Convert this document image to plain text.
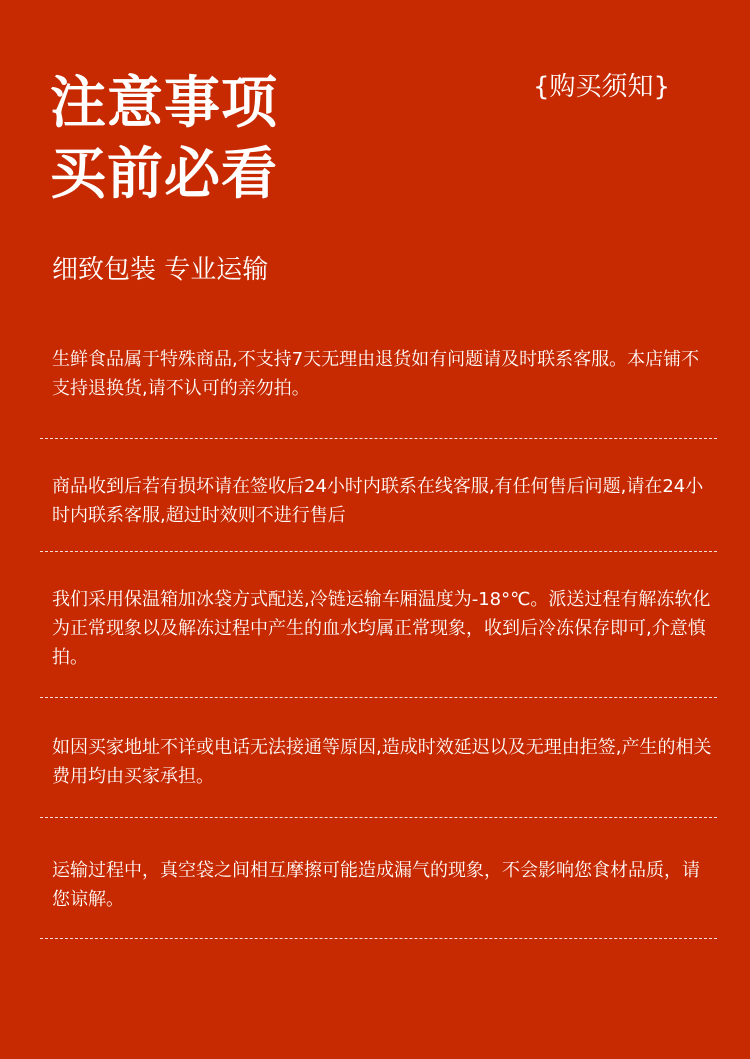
注意事项
买前必看
{购买须知}
细致包装 专业运输

生鲜食品属于特殊商品,不支持7天无理由退货如有问题请及时联系客服。本店铺不支持退换货,请不认可的亲勿拍。

商品收到后若有损坏请在签收后24小时内联系在线客服,有任何售后问题,请在24小时内联系客服,超过时效则不进行售后

我们采用保温箱加冰袋方式配送,冷链运输车厢温度为-18°℃。派送过程有解冻软化为正常现象以及解冻过程中产生的血水均属正常现象，收到后冷冻保存即可,介意慎拍。

如因买家地址不详或电话无法接通等原因,造成时效延迟以及无理由拒签,产生的相关费用均由买家承担。

运输过程中，真空袋之间相互摩擦可能造成漏气的现象，不会影响您食材品质，请您谅解。
